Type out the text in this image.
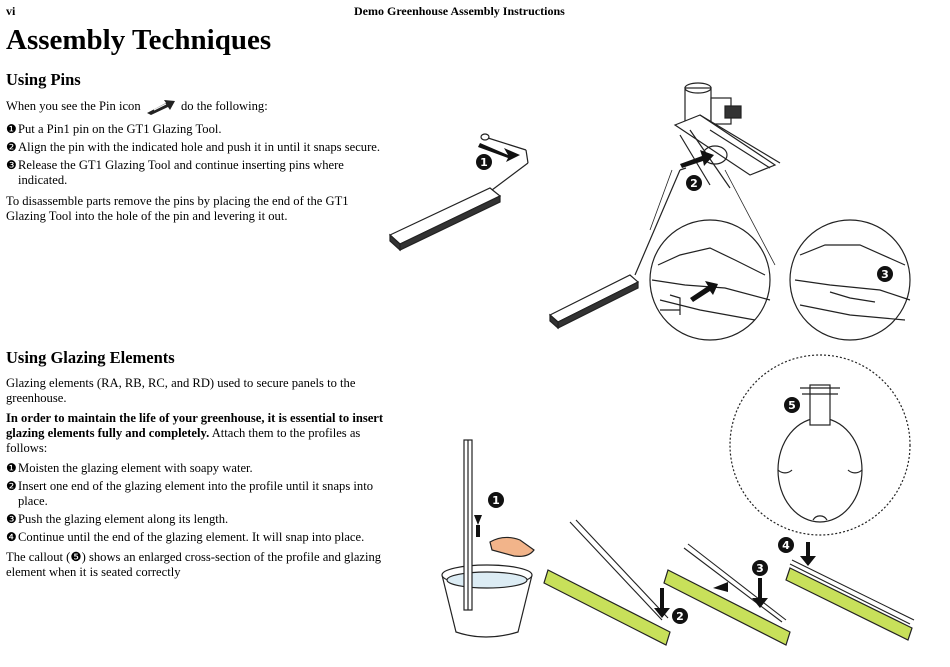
vi	Demo Greenhouse Assembly Instructions
Assembly Techniques
Using Pins

When you see the Pin icon	do the following:

❶ Put a Pin1 pin on the GT1 Glazing Tool.
❷ Align the pin with the indicated hole and push it in until it snaps secure.
❸ Release the GT1 Glazing Tool and continue inserting pins where indicated.

To disassemble parts remove the pins by placing the end of the GT1 Glazing Tool into the hole of the pin and levering it out.

Using Glazing Elements

Glazing elements (RA, RB, RC, and RD) used to secure panels to the greenhouse.

In order to maintain the life of your greenhouse, it is essential to insert glazing elements fully and completely. Attach them to the profiles as follows:

❶ Moisten the glazing element with soapy water.
❷ Insert one end of the glazing element into the profile until it snaps into place.
❸ Push the glazing element along its length.
❹ Continue until the end of the glazing element. It will snap into place.

The callout (❺) shows an enlarged cross-section of the profile and glazing element when it is seated correctly

1
2
3
1
2
3
4
5
